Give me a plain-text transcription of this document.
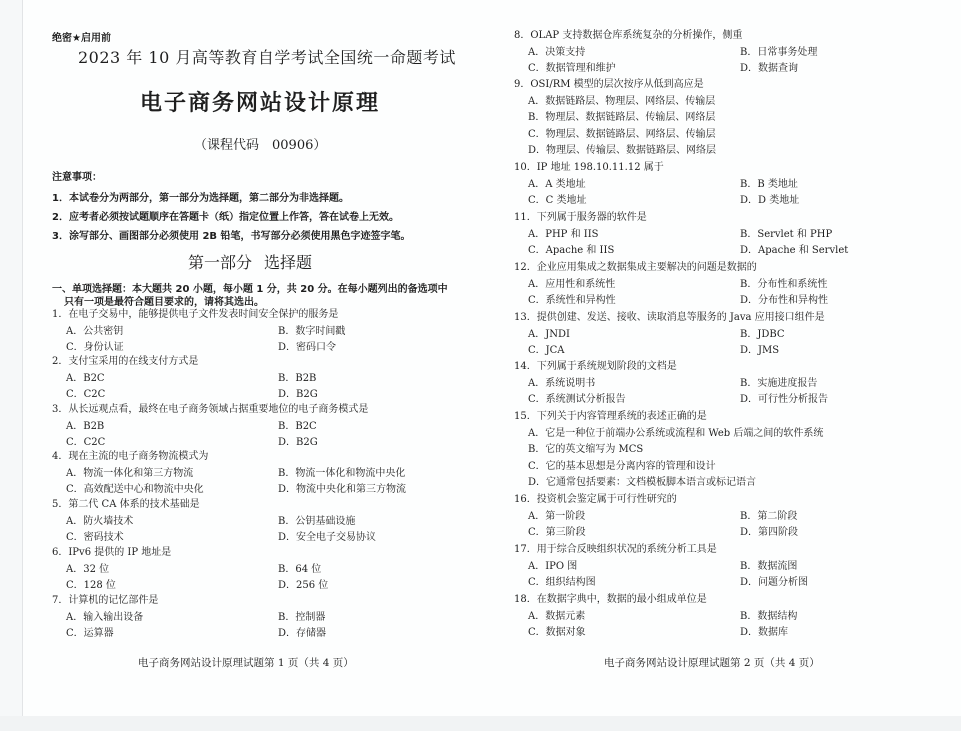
绝密★启用前
2023 年 10 月高等教育自学考试全国统一命题考试
电子商务网站设计原理
（课程代码　00906）
注意事项：
1．本试卷分为两部分，第一部分为选择题，第二部分为非选择题。
2．应考者必须按试题顺序在答题卡（纸）指定位置上作答，答在试卷上无效。
3．涂写部分、画图部分必须使用 2B 铅笔，书写部分必须使用黑色字迹签字笔。
第一部分 选择题
一、单项选择题：本大题共 20 小题，每小题 1 分，共 20 分。在每小题列出的备选项中
只有一项是最符合题目要求的，请将其选出。
1．在电子交易中，能够提供电子文件发表时间安全保护的服务是
A．公共密钥	B．数字时间戳
C．身份认证	D．密码口令
2．支付宝采用的在线支付方式是
A．B2C	B．B2B
C．C2C	D．B2G
3．从长远观点看，最终在电子商务领域占据重要地位的电子商务模式是
A．B2B	B．B2C
C．C2C	D．B2G
4．现在主流的电子商务物流模式为
A．物流一体化和第三方物流	B．物流一体化和物流中央化
C．高效配送中心和物流中央化	D．物流中央化和第三方物流
5．第二代 CA 体系的技术基础是
A．防火墙技术	B．公钥基础设施
C．密码技术	D．安全电子交易协议
6．IPv6 提供的 IP 地址是
A．32 位	B．64 位
C．128 位	D．256 位
7．计算机的记忆部件是
A．输入输出设备	B．控制器
C．运算器	D．存储器
电子商务网站设计原理试题第 1 页（共 4 页）
8．OLAP 支持数据仓库系统复杂的分析操作，侧重
A．决策支持	B．日常事务处理
C．数据管理和维护	D．数据查询
9．OSI/RM 模型的层次按序从低到高应是
A．数据链路层、物理层、网络层、传输层
B．物理层、数据链路层、传输层、网络层
C．物理层、数据链路层、网络层、传输层
D．物理层、传输层、数据链路层、网络层
10．IP 地址 198.10.11.12 属于
A．A 类地址	B．B 类地址
C．C 类地址	D．D 类地址
11．下列属于服务器的软件是
A．PHP 和 IIS	B．Servlet 和 PHP
C．Apache 和 IIS	D．Apache 和 Servlet
12．企业应用集成之数据集成主要解决的问题是数据的
A．应用性和系统性	B．分布性和系统性
C．系统性和异构性	D．分布性和异构性
13．提供创建、发送、接收、读取消息等服务的 Java 应用接口组件是
A．JNDI	B．JDBC
C．JCA	D．JMS
14．下列属于系统规划阶段的文档是
A．系统说明书	B．实施进度报告
C．系统测试分析报告	D．可行性分析报告
15．下列关于内容管理系统的表述正确的是
A．它是一种位于前端办公系统或流程和 Web 后端之间的软件系统
B．它的英文缩写为 MCS
C．它的基本思想是分离内容的管理和设计
D．它通常包括要素：文档模板脚本语言或标记语言
16．投资机会鉴定属于可行性研究的
A．第一阶段	B．第二阶段
C．第三阶段	D．第四阶段
17．用于综合反映组织状况的系统分析工具是
A．IPO 图	B．数据流图
C．组织结构图	D．问题分析图
18．在数据字典中，数据的最小组成单位是
A．数据元素	B．数据结构
C．数据对象	D．数据库
电子商务网站设计原理试题第 2 页（共 4 页）
